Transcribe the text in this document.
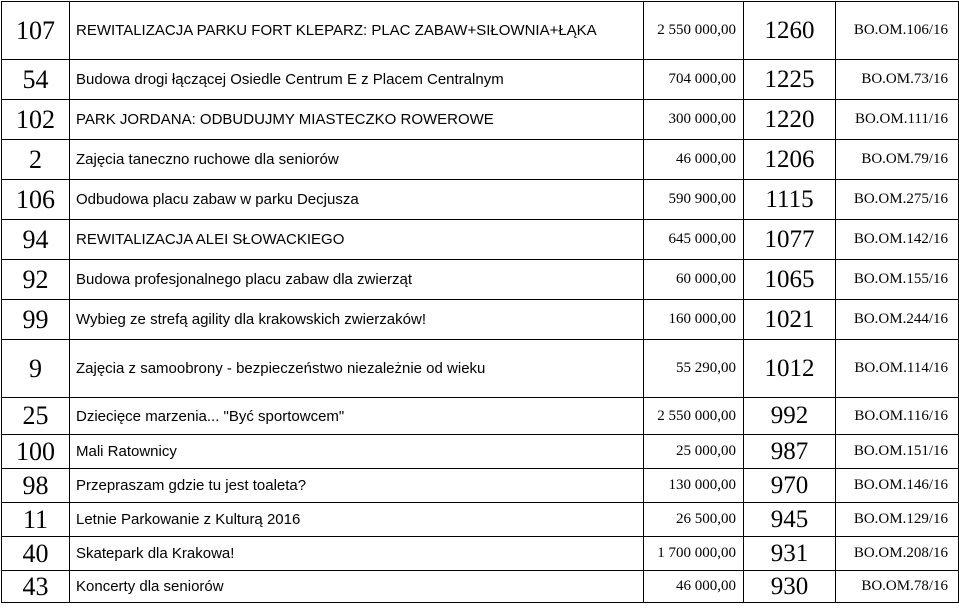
107	REWITALIZACJA PARKU FORT KLEPARZ: PLAC ZABAW+SIŁOWNIA+ŁĄKA	2 550 000,00	1260	BO.OM.106/16
54	Budowa drogi łączącej Osiedle Centrum E z Placem Centralnym	704 000,00	1225	BO.OM.73/16
102	PARK JORDANA: ODBUDUJMY MIASTECZKO ROWEROWE	300 000,00	1220	BO.OM.111/16
2	Zajęcia taneczno ruchowe dla seniorów	46 000,00	1206	BO.OM.79/16
106	Odbudowa placu zabaw w parku Decjusza	590 900,00	1115	BO.OM.275/16
94	REWITALIZACJA ALEI SŁOWACKIEGO	645 000,00	1077	BO.OM.142/16
92	Budowa profesjonalnego placu zabaw dla zwierząt	60 000,00	1065	BO.OM.155/16
99	Wybieg ze strefą agility dla krakowskich zwierzaków!	160 000,00	1021	BO.OM.244/16
9	Zajęcia z samoobrony - bezpieczeństwo niezależnie od wieku	55 290,00	1012	BO.OM.114/16
25	Dziecięce marzenia... "Być sportowcem"	2 550 000,00	992	BO.OM.116/16
100	Mali Ratownicy	25 000,00	987	BO.OM.151/16
98	Przepraszam gdzie tu jest toaleta?	130 000,00	970	BO.OM.146/16
11	Letnie Parkowanie z Kulturą 2016	26 500,00	945	BO.OM.129/16
40	Skatepark dla Krakowa!	1 700 000,00	931	BO.OM.208/16
43	Koncerty dla seniorów	46 000,00	930	BO.OM.78/16
